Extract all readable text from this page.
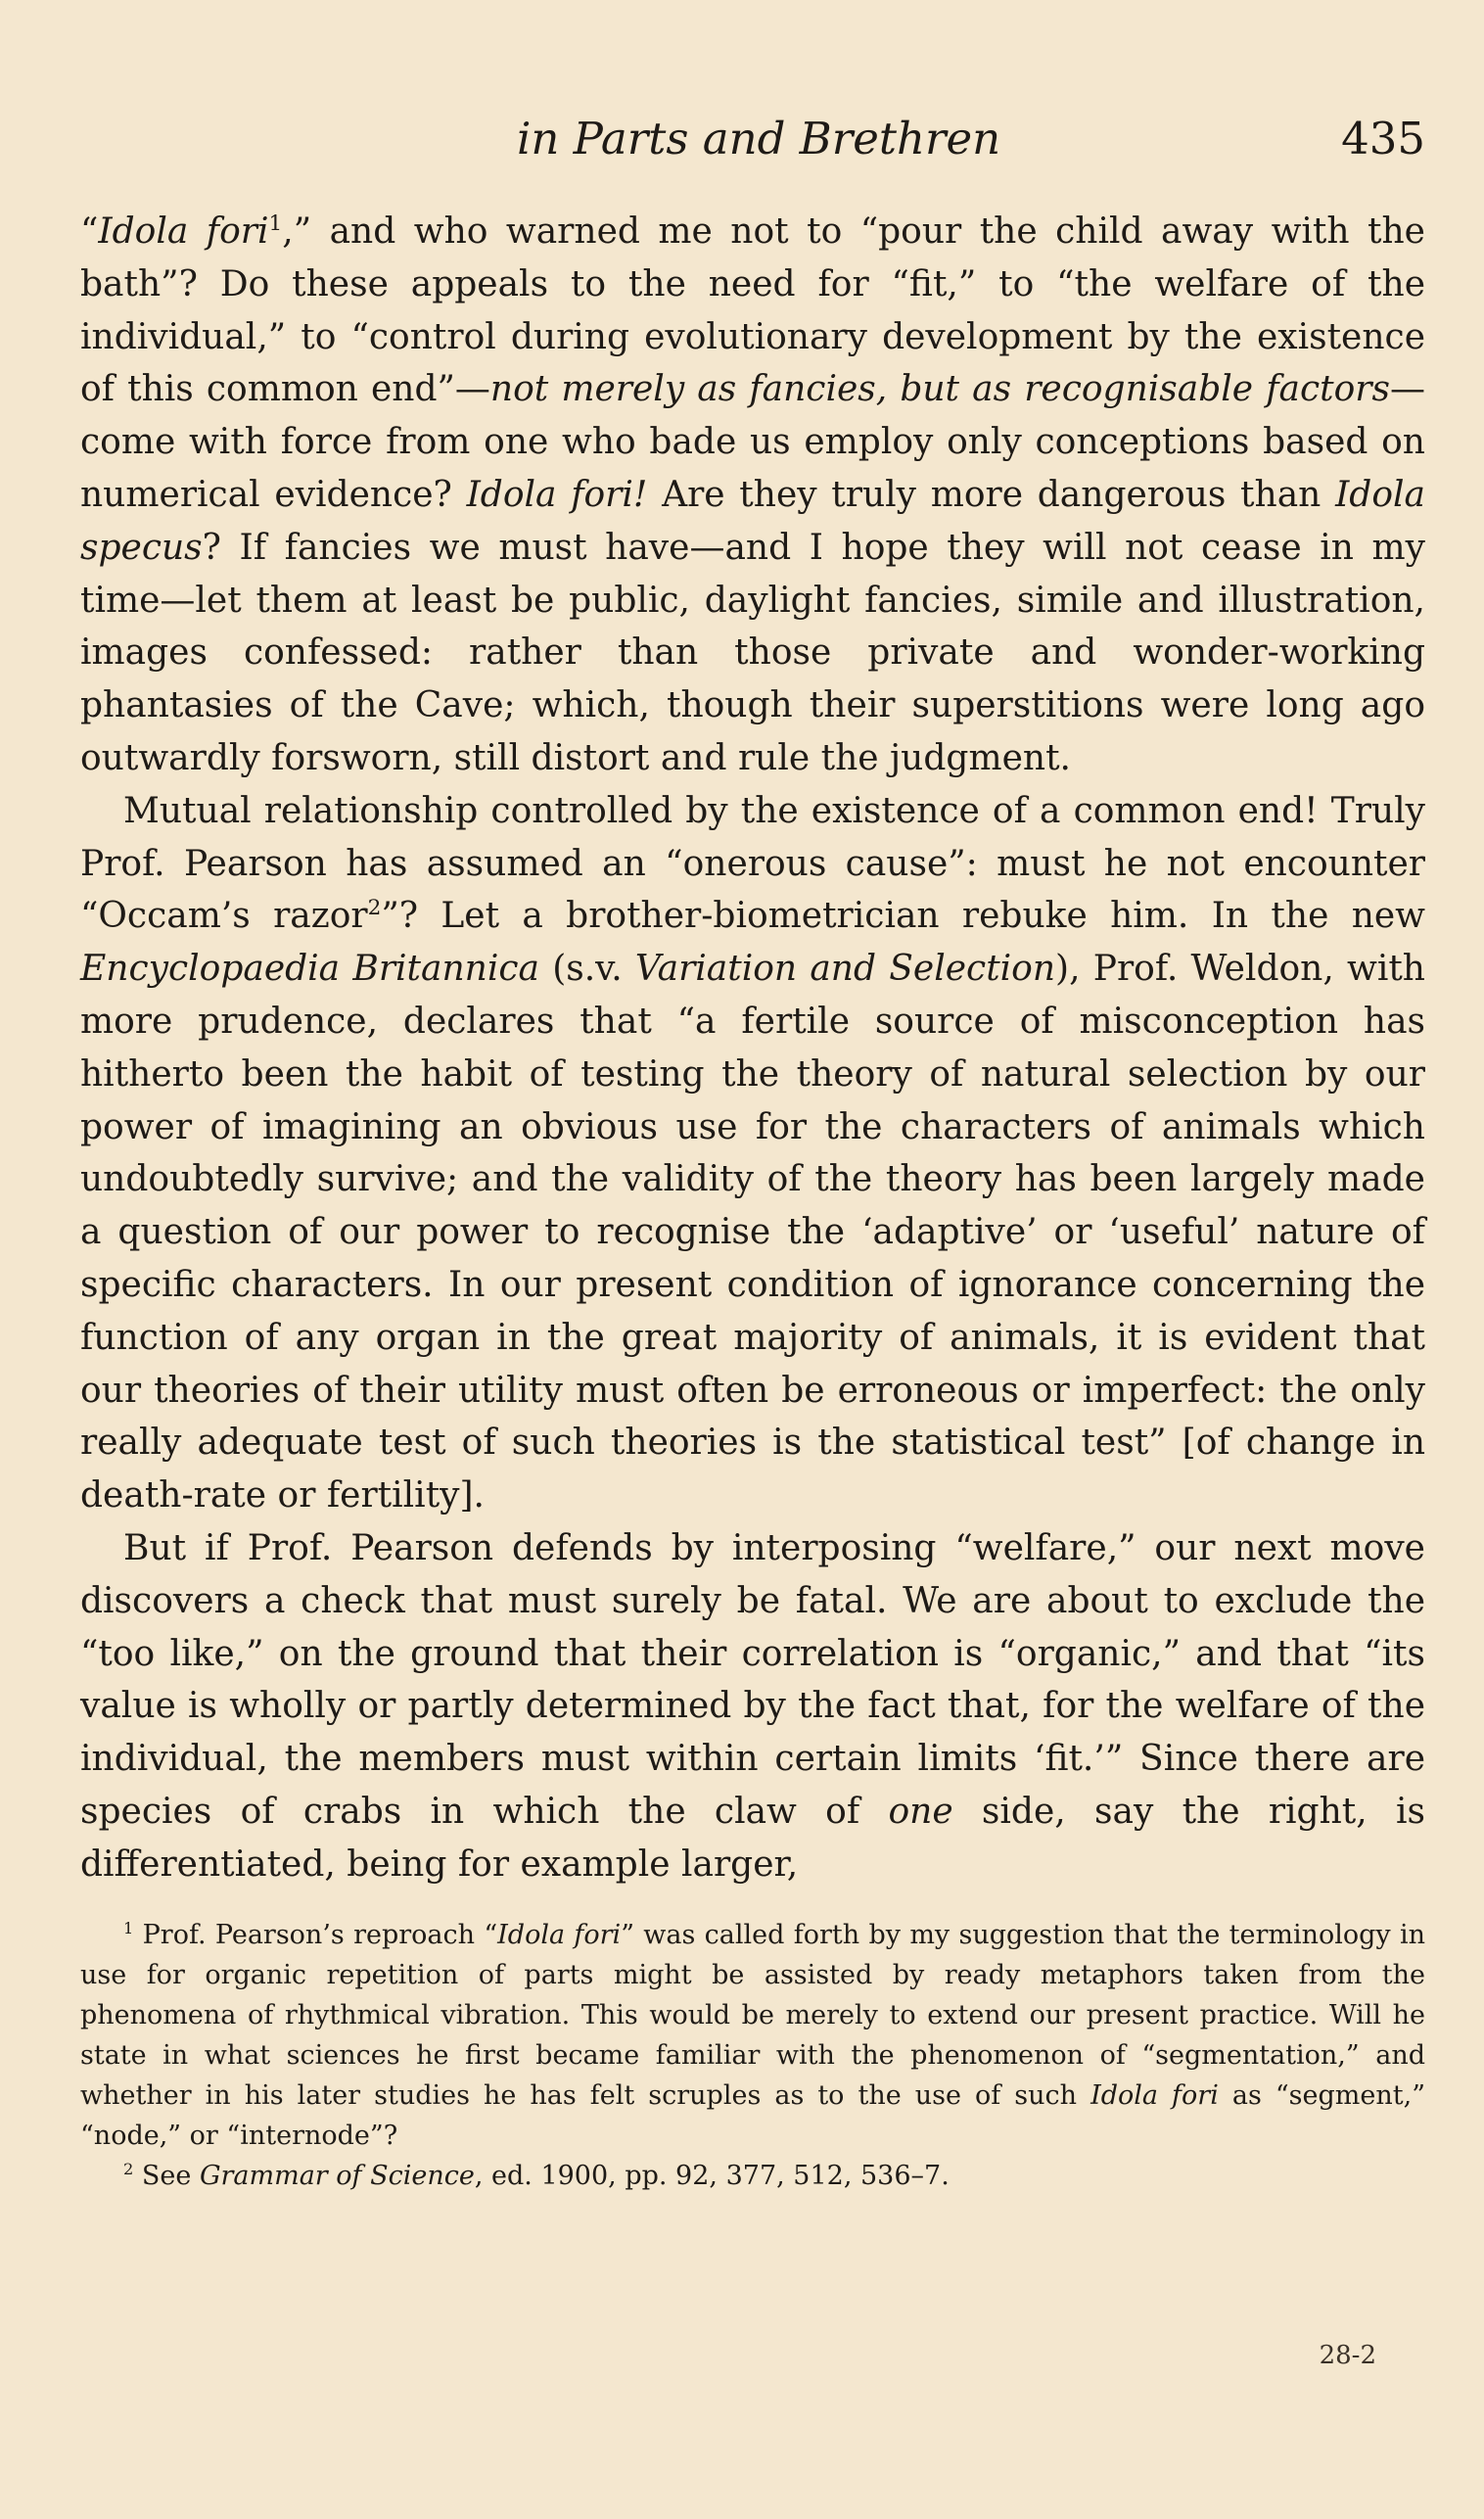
in Parts and Brethren	435

“Idola fori$^1$,” and who warned me not to “pour the child away with the bath”? Do these appeals to the need for “fit,” to “the welfare of the individual,” to “control during evolutionary development by the existence of this common end”—not merely as fancies, but as recognisable factors—come with force from one who bade us employ only conceptions based on numerical evidence? Idola fori! Are they truly more dangerous than Idola specus? If fancies we must have—and I hope they will not cease in my time—let them at least be public, daylight fancies, simile and illustration, images confessed: rather than those private and wonder-working phantasies of the Cave; which, though their superstitions were long ago outwardly forsworn, still distort and rule the judgment.

Mutual relationship controlled by the existence of a common end! Truly Prof. Pearson has assumed an “onerous cause”: must he not encounter “Occam’s razor$^2$”? Let a brother-biometrician rebuke him. In the new Encyclopaedia Britannica (s.v. Variation and Selection), Prof. Weldon, with more prudence, declares that “a fertile source of misconception has hitherto been the habit of testing the theory of natural selection by our power of imagining an obvious use for the characters of animals which undoubtedly survive; and the validity of the theory has been largely made a question of our power to recognise the ‘adaptive’ or ‘useful’ nature of specific characters. In our present condition of ignorance concerning the function of any organ in the great majority of animals, it is evident that our theories of their utility must often be erroneous or imperfect: the only really adequate test of such theories is the statistical test” [of change in death-rate or fertility].

But if Prof. Pearson defends by interposing “welfare,” our next move discovers a check that must surely be fatal. We are about to exclude the “too like,” on the ground that their correlation is “organic,” and that “its value is wholly or partly determined by the fact that, for the welfare of the individual, the members must within certain limits ‘fit.’” Since there are species of crabs in which the claw of one side, say the right, is differentiated, being for example larger,

$^1$ Prof. Pearson’s reproach “Idola fori” was called forth by my suggestion that the terminology in use for organic repetition of parts might be assisted by ready metaphors taken from the phenomena of rhythmical vibration. This would be merely to extend our present practice. Will he state in what sciences he first became familiar with the phenomenon of “segmentation,” and whether in his later studies he has felt scruples as to the use of such Idola fori as “segment,” “node,” or “internode”?

$^2$ See Grammar of Science, ed. 1900, pp. 92, 377, 512, 536–7.

28-2
